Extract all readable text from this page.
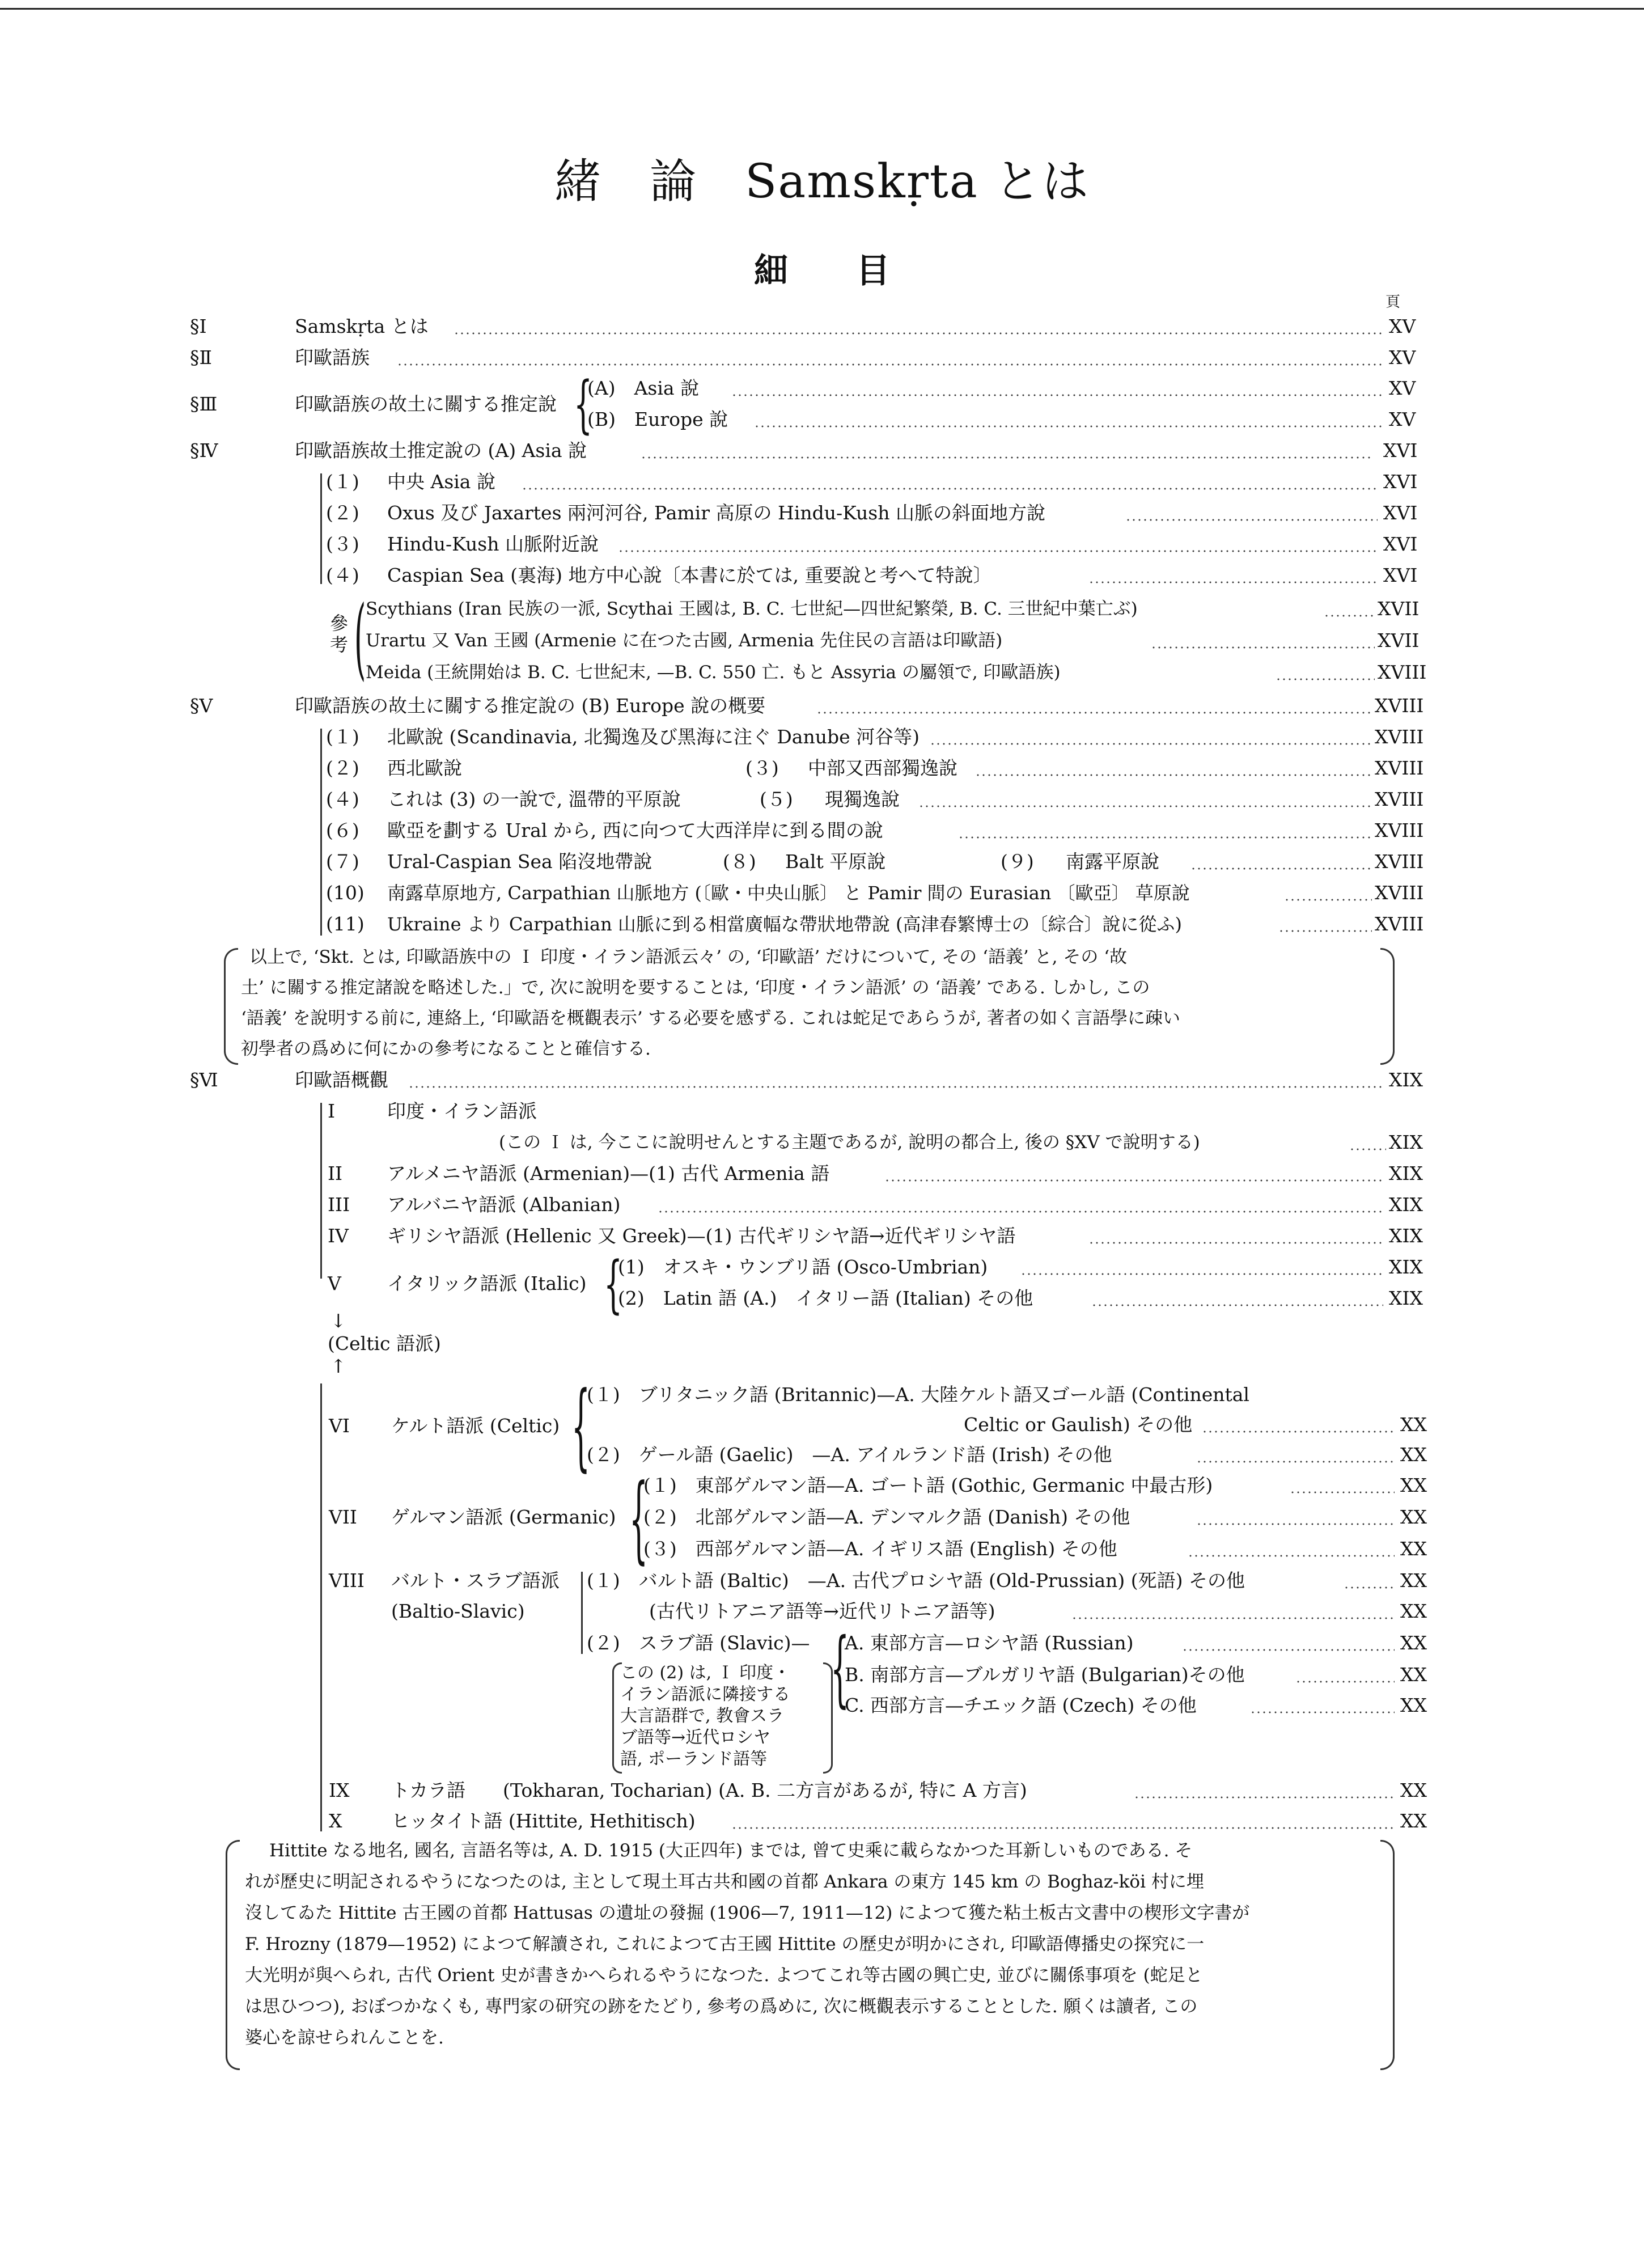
緒　論　Samskṛta とは
細　　目
頁
§Ⅰ	Samskṛta とは	XV
§Ⅱ	印歐語族	XV
§Ⅲ	印歐語族の故土に關する推定說 {
(A)　Asia 說	XV
(B)　Europe 說	XV
§Ⅳ	印歐語族故土推定說の (A) Asia 說	XVI
(１) 中央 Asia 說	XVI
(２) Oxus 及び Jaxartes 兩河河谷, Pamir 高原の Hindu-Kush 山脈の斜面地方說	XVI
(３) Hindu-Kush 山脈附近說	XVI
(４) Caspian Sea (裏海) 地方中心說〔本書に於ては, 重要說と考へて特說〕	XVI
參考 ( Scythians (Iran 民族の一派, Scythai 王國は, B. C. 七世紀—四世紀繁榮, B. C. 三世紀中葉亡ぶ)	XVII
Urartu 又 Van 王國 (Armenie に在つた古國, Armenia 先住民の言語は印歐語)	XVII
Meida (王統開始は B. C. 七世紀末, —B. C. 550 亡. もと Assyria の屬領で, 印歐語族)	XVIII
§Ⅴ	印歐語族の故土に關する推定說の (B) Europe 說の概要	XVIII
(１) 北歐說 (Scandinavia, 北獨逸及び黑海に注ぐ Danube 河谷等)	XVIII
(２) 西北歐說	(３) 中部又西部獨逸說	XVIII
(４) これは (3) の一說で, 溫帶的平原說	(５) 現獨逸說	XVIII
(６) 歐亞を劃する Ural から, 西に向つて大西洋岸に到る間の說	XVIII
(７) Ural-Caspian Sea 陷沒地帶說	(８) Balt 平原說	(９) 南露平原說	XVIII
(10) 南露草原地方, Carpathian 山脈地方 (〔歐・中央山脈〕 と Pamir 間の Eurasian 〔歐亞〕 草原說	XVIII
(11) Ukraine より Carpathian 山脈に到る相當廣幅な帶狀地帶說 (高津春繁博士の〔綜合〕說に從ふ)	XVIII
以上で, ‘Skt. とは, 印歐語族中の Ｉ 印度・イラン語派云々’ の, ‘印歐語’ だけについて, その ‘語義’ と, その ‘故
土’ に關する推定諸說を略述した.」で, 次に說明を要することは, ‘印度・イラン語派’ の ‘語義’ である. しかし, この
‘語義’ を說明する前に, 連絡上, ‘印歐語を概觀表示’ する必要を感ずる. これは蛇足であらうが, 著者の如く言語學に疎い
初學者の爲めに何にかの參考になることと確信する.
§Ⅵ	印歐語概觀	XIX
I	印度・イラン語派
(この Ｉ は, 今ここに說明せんとする主題であるが, 說明の都合上, 後の §XV で說明する)	XIX
II アルメニヤ語派 (Armenian)—(1) 古代 Armenia 語	XIX
III アルバニヤ語派 (Albanian)	XIX
IV ギリシヤ語派 (Hellenic 又 Greek)—(1) 古代ギリシヤ語→近代ギリシヤ語	XIX
V イタリック語派 (Italic) {
(1)　オスキ・ウンブリ語 (Osco-Umbrian)	XIX
(2)　Latin 語 (A.)　イタリー語 (Italian) その他	XIX
↓
(Celtic 語派)
↑
VI ケルト語派 (Celtic) {
(１)　ブリタニック語 (Britannic)—A. 大陸ケルト語又ゴール語 (Continental
Celtic or Gaulish) その他	XX
(２)　ゲール語 (Gaelic)　—A. アイルランド語 (Irish) その他	XX
VII ゲルマン語派 (Germanic) {
(１)　東部ゲルマン語—A. ゴート語 (Gothic, Germanic 中最古形)	XX
(２)　北部ゲルマン語—A. デンマルク語 (Danish) その他	XX
(３)　西部ゲルマン語—A. イギリス語 (English) その他	XX
VIII バルト・スラブ語派
(Baltio-Slavic)
(１)　バルト語 (Baltic)　—A. 古代プロシヤ語 (Old-Prussian) (死語) その他	XX
(古代リトアニア語等→近代リトニア語等)	XX
(２)　スラブ語 (Slavic)— {
A. 東部方言—ロシヤ語 (Russian)	XX
B. 南部方言—ブルガリヤ語 (Bulgarian)その他	XX
C. 西部方言—チエック語 (Czech) その他	XX
この (2) は, Ｉ 印度・
イラン語派に隣接する
大言語群で, 教會スラ
ブ語等→近代ロシヤ
語, ポーランド語等
IX トカラ語　　(Tokharan, Tocharian) (A. B. 二方言があるが, 特に A 方言)	XX
X	ヒッタイト語 (Hittite, Hethitisch)	XX
Hittite なる地名, 國名, 言語名等は, A. D. 1915 (大正四年) までは, 曾て史乘に載らなかつた耳新しいものである. そ
れが歷史に明記されるやうになつたのは, 主として現土耳古共和國の首都 Ankara の東方 145 km の Boghaz-köi 村に埋
沒してゐた Hittite 古王國の首都 Hattusas の遺址の發掘 (1906—7, 1911—12) によつて獲た粘土板古文書中の楔形文字書が
F. Hrozny (1879—1952) によつて解讀され, これによつて古王國 Hittite の歷史が明かにされ, 印歐語傳播史の探究に一
大光明が與へられ, 古代 Orient 史が書きかへられるやうになつた. よつてこれ等古國の興亡史, 並びに關係事項を (蛇足と
は思ひつつ), おぼつかなくも, 專門家の研究の跡をたどり, 參考の爲めに, 次に概觀表示することとした. 願くは讀者, この
婆心を諒せられんことを.
